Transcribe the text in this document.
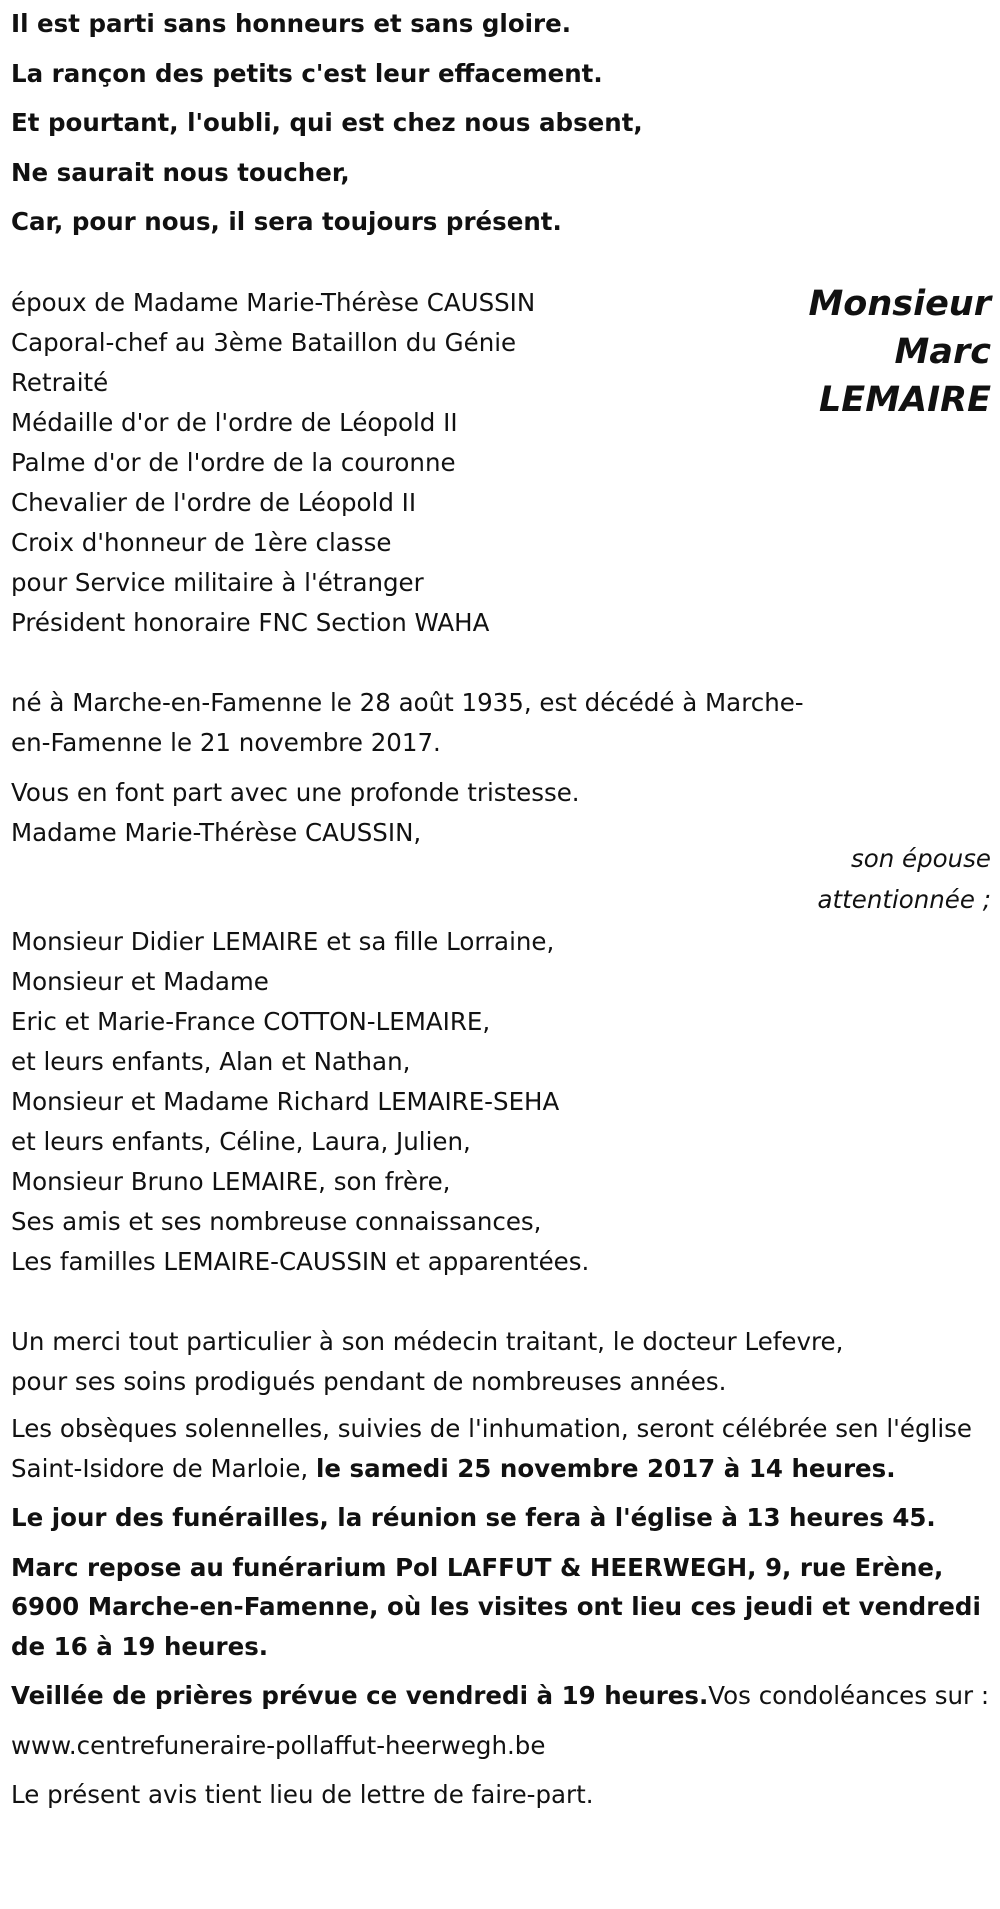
Il est parti sans honneurs et sans gloire.

La rançon des petits c'est leur effacement.

Et pourtant, l'oubli, qui est chez nous absent,

Ne saurait nous toucher,

Car, pour nous, il sera toujours présent.

Monsieur
Marc
LEMAIRE
époux de Madame Marie-Thérèse CAUSSIN
Caporal-chef au 3ème Bataillon du Génie
Retraité
Médaille d'or de l'ordre de Léopold II
Palme d'or de l'ordre de la couronne
Chevalier de l'ordre de Léopold II
Croix d'honneur de 1ère classe
pour Service militaire à l'étranger
Président honoraire FNC Section WAHA
né à Marche-en-Famenne le 28 août 1935, est décédé à Marche-
en-Famenne le 21 novembre 2017.
Vous en font part avec une profonde tristesse.
Madame Marie-Thérèse CAUSSIN,
son épouse
attentionnée ;
Monsieur Didier LEMAIRE et sa fille Lorraine,
Monsieur et Madame
Eric et Marie-France COTTON-LEMAIRE,
et leurs enfants, Alan et Nathan,
Monsieur et Madame Richard LEMAIRE-SEHA
et leurs enfants, Céline, Laura, Julien,
Monsieur Bruno LEMAIRE, son frère,
Ses amis et ses nombreuse connaissances,
Les familles LEMAIRE-CAUSSIN et apparentées.
Un merci tout particulier à son médecin traitant, le docteur Lefevre,
pour ses soins prodigués pendant de nombreuses années.

Les obsèques solennelles, suivies de l'inhumation, seront célébrée sen l'église Saint-Isidore de Marloie, le samedi 25 novembre 2017 à 14 heures.

Le jour des funérailles, la réunion se fera à l'église à 13 heures 45.

Marc repose au funérarium Pol LAFFUT & HEERWEGH, 9, rue Erène, 6900 Marche-en-Famenne, où les visites ont lieu ces jeudi et vendredi de 16 à 19 heures.

Veillée de prières prévue ce vendredi à 19 heures.Vos condoléances sur :

www.centrefuneraire-pollaffut-heerwegh.be

Le présent avis tient lieu de lettre de faire-part.
